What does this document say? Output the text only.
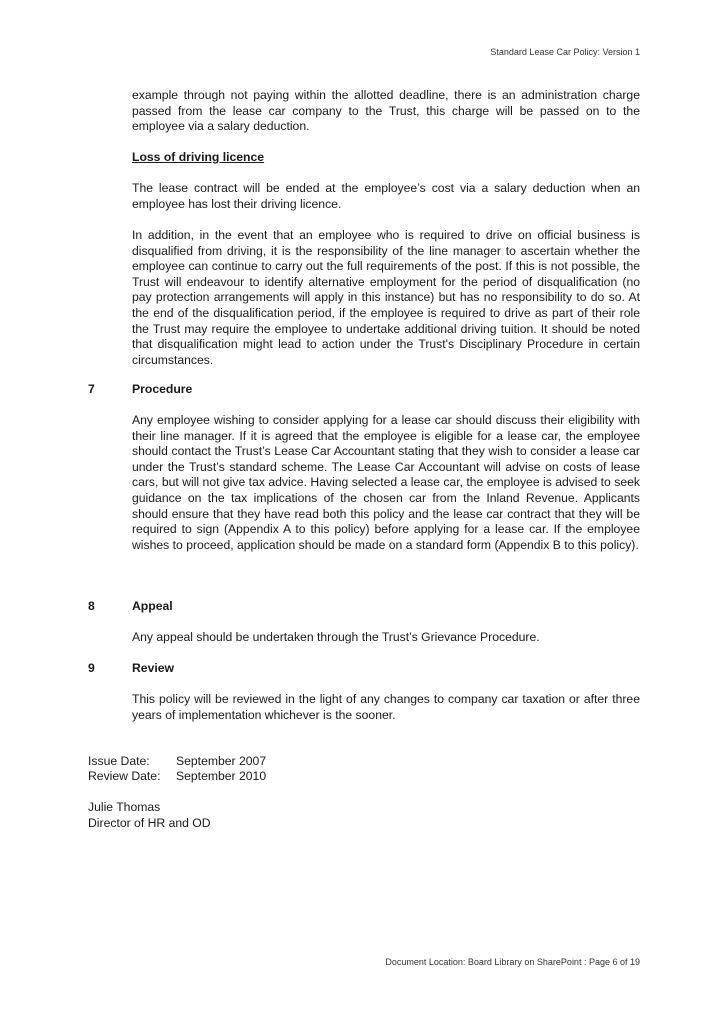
Standard Lease Car Policy: Version 1

example through not paying within the allotted deadline, there is an administration charge passed from the lease car company to the Trust, this charge will be passed on to the employee via a salary deduction.

Loss of driving licence

The lease contract will be ended at the employee’s cost via a salary deduction when an employee has lost their driving licence.

In addition, in the event that an employee who is required to drive on official business is disqualified from driving, it is the responsibility of the line manager to ascertain whether the employee can continue to carry out the full requirements of the post. If this is not possible, the Trust will endeavour to identify alternative employment for the period of disqualification (no pay protection arrangements will apply in this instance) but has no responsibility to do so. At the end of the disqualification period, if the employee is required to drive as part of their role the Trust may require the employee to undertake additional driving tuition. It should be noted that disqualification might lead to action under the Trust's Disciplinary Procedure in certain circumstances.

7	Procedure

Any employee wishing to consider applying for a lease car should discuss their eligibility with their line manager. If it is agreed that the employee is eligible for a lease car, the employee should contact the Trust’s Lease Car Accountant stating that they wish to consider a lease car under the Trust’s standard scheme. The Lease Car Accountant will advise on costs of lease cars, but will not give tax advice. Having selected a lease car, the employee is advised to seek guidance on the tax implications of the chosen car from the Inland Revenue. Applicants should ensure that they have read both this policy and the lease car contract that they will be required to sign (Appendix A to this policy) before applying for a lease car. If the employee wishes to proceed, application should be made on a standard form (Appendix B to this policy).

8	Appeal

Any appeal should be undertaken through the Trust’s Grievance Procedure.

9	Review

This policy will be reviewed in the light of any changes to company car taxation or after three years of implementation whichever is the sooner.

Issue Date: September 2007
Review Date: September 2010
Julie Thomas
Director of HR and OD
Document Location: Board Library on SharePoint : Page 6 of 19
